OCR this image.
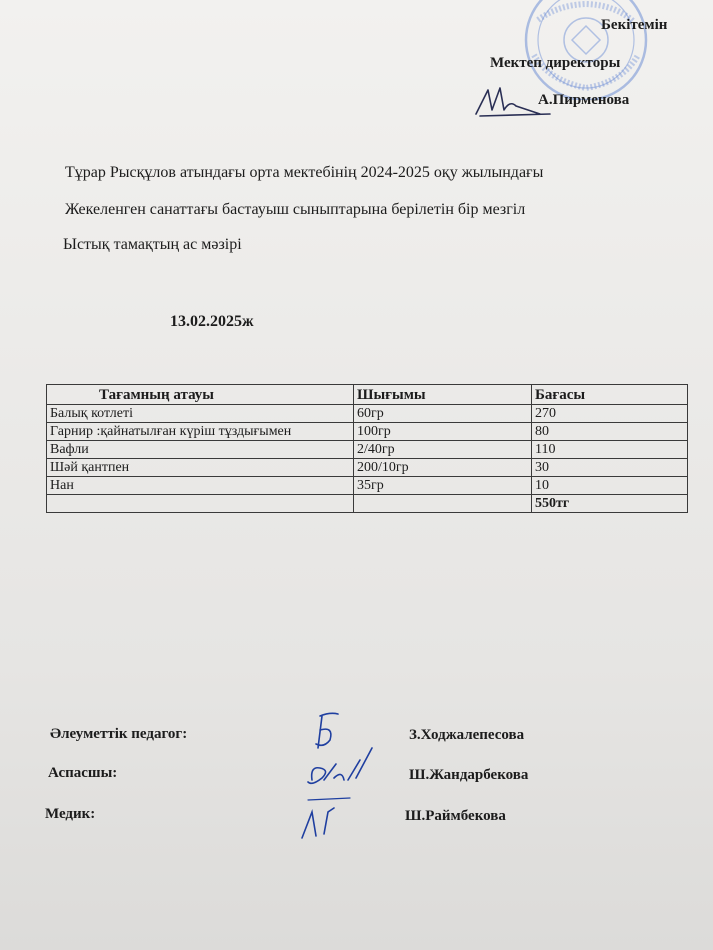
Бекітемін
Мектеп директоры
А.Пирменова
Тұрар Рысқұлов атындағы орта мектебінің 2024-2025 оқу жылындағы
Жекеленген санаттағы бастауыш сыныптарына берілетін бір мезгіл
Ыстық тамақтың ас мәзірі
13.02.2025ж
Тағамның атауы	Шығымы	Бағасы
Балық котлеті	60гр	270
Гарнир :қайнатылған күріш тұздығымен	100гр	80
Вафли	2/40гр	110
Шәй қантпен	200/10гр	30
Нан	35гр	10
		550тг
Әлеуметтік педагог:
Аспасшы:
Медик:
З.Ходжалепесова
Ш.Жандарбекова
Ш.Раймбекова
